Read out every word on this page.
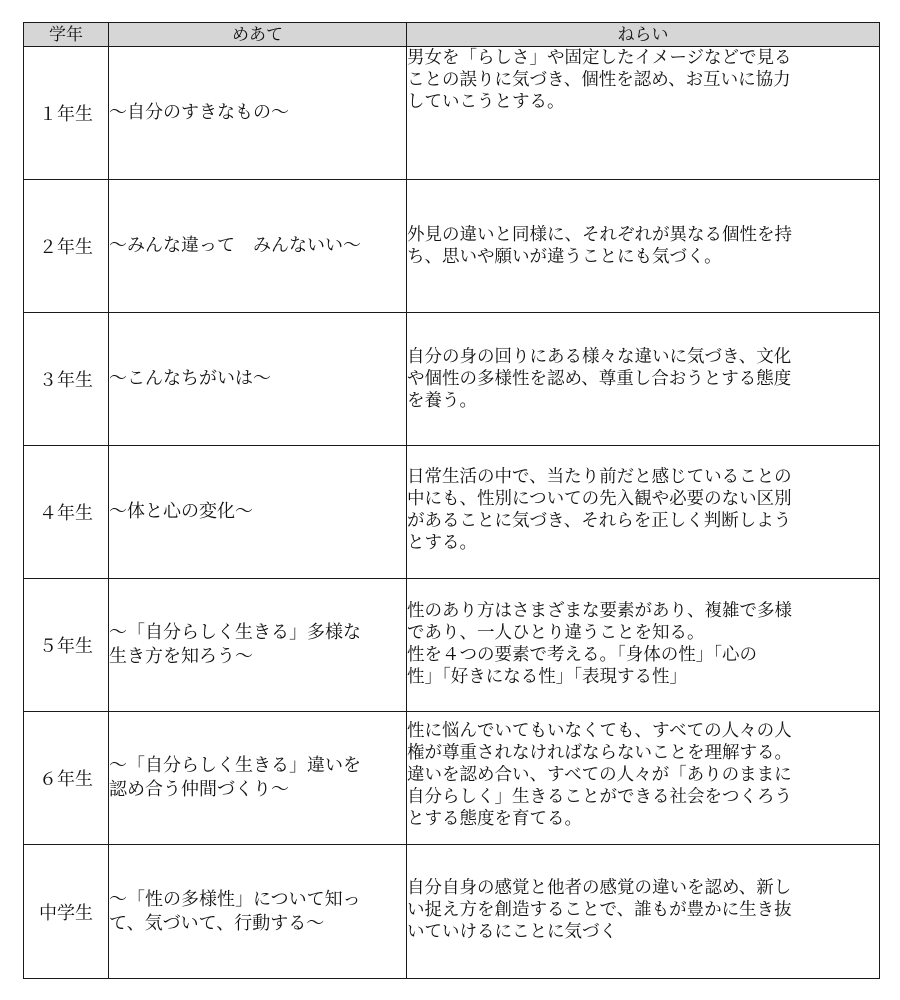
学年	めあて	ねらい
１年生	～自分のすきなもの～	男女を「らしさ」や固定したイメージなどで見る
ことの誤りに気づき、個性を認め、お互いに協力
していこうとする。

２年生	～みんな違って　みんないい～	外見の違いと同様に、それぞれが異なる個性を持
ち、思いや願いが違うことにも気づく。

３年生	～こんなちがいは～	自分の身の回りにある様々な違いに気づき、文化
や個性の多様性を認め、尊重し合おうとする態度
を養う。

４年生	～体と心の変化～	日常生活の中で、当たり前だと感じていることの
中にも、性別についての先入観や必要のない区別
があることに気づき、それらを正しく判断しよう
とする。

５年生	～「自分らしく生きる」多様な
生き方を知ろう～	性のあり方はさまざまな要素があり、複雑で多様
であり、一人ひとり違うことを知る。
性を４つの要素で考える。「身体の性」「心の
性」「好きになる性」「表現する性」

６年生	～「自分らしく生きる」違いを
認め合う仲間づくり～	性に悩んでいてもいなくても、すべての人々の人
権が尊重されなければならないことを理解する。
違いを認め合い、すべての人々が「ありのままに
自分らしく」生きることができる社会をつくろう
とする態度を育てる。

中学生	～「性の多様性」について知っ
て、気づいて、行動する～	自分自身の感覚と他者の感覚の違いを認め、新し
い捉え方を創造することで、誰もが豊かに生き抜
いていけるにことに気づく
